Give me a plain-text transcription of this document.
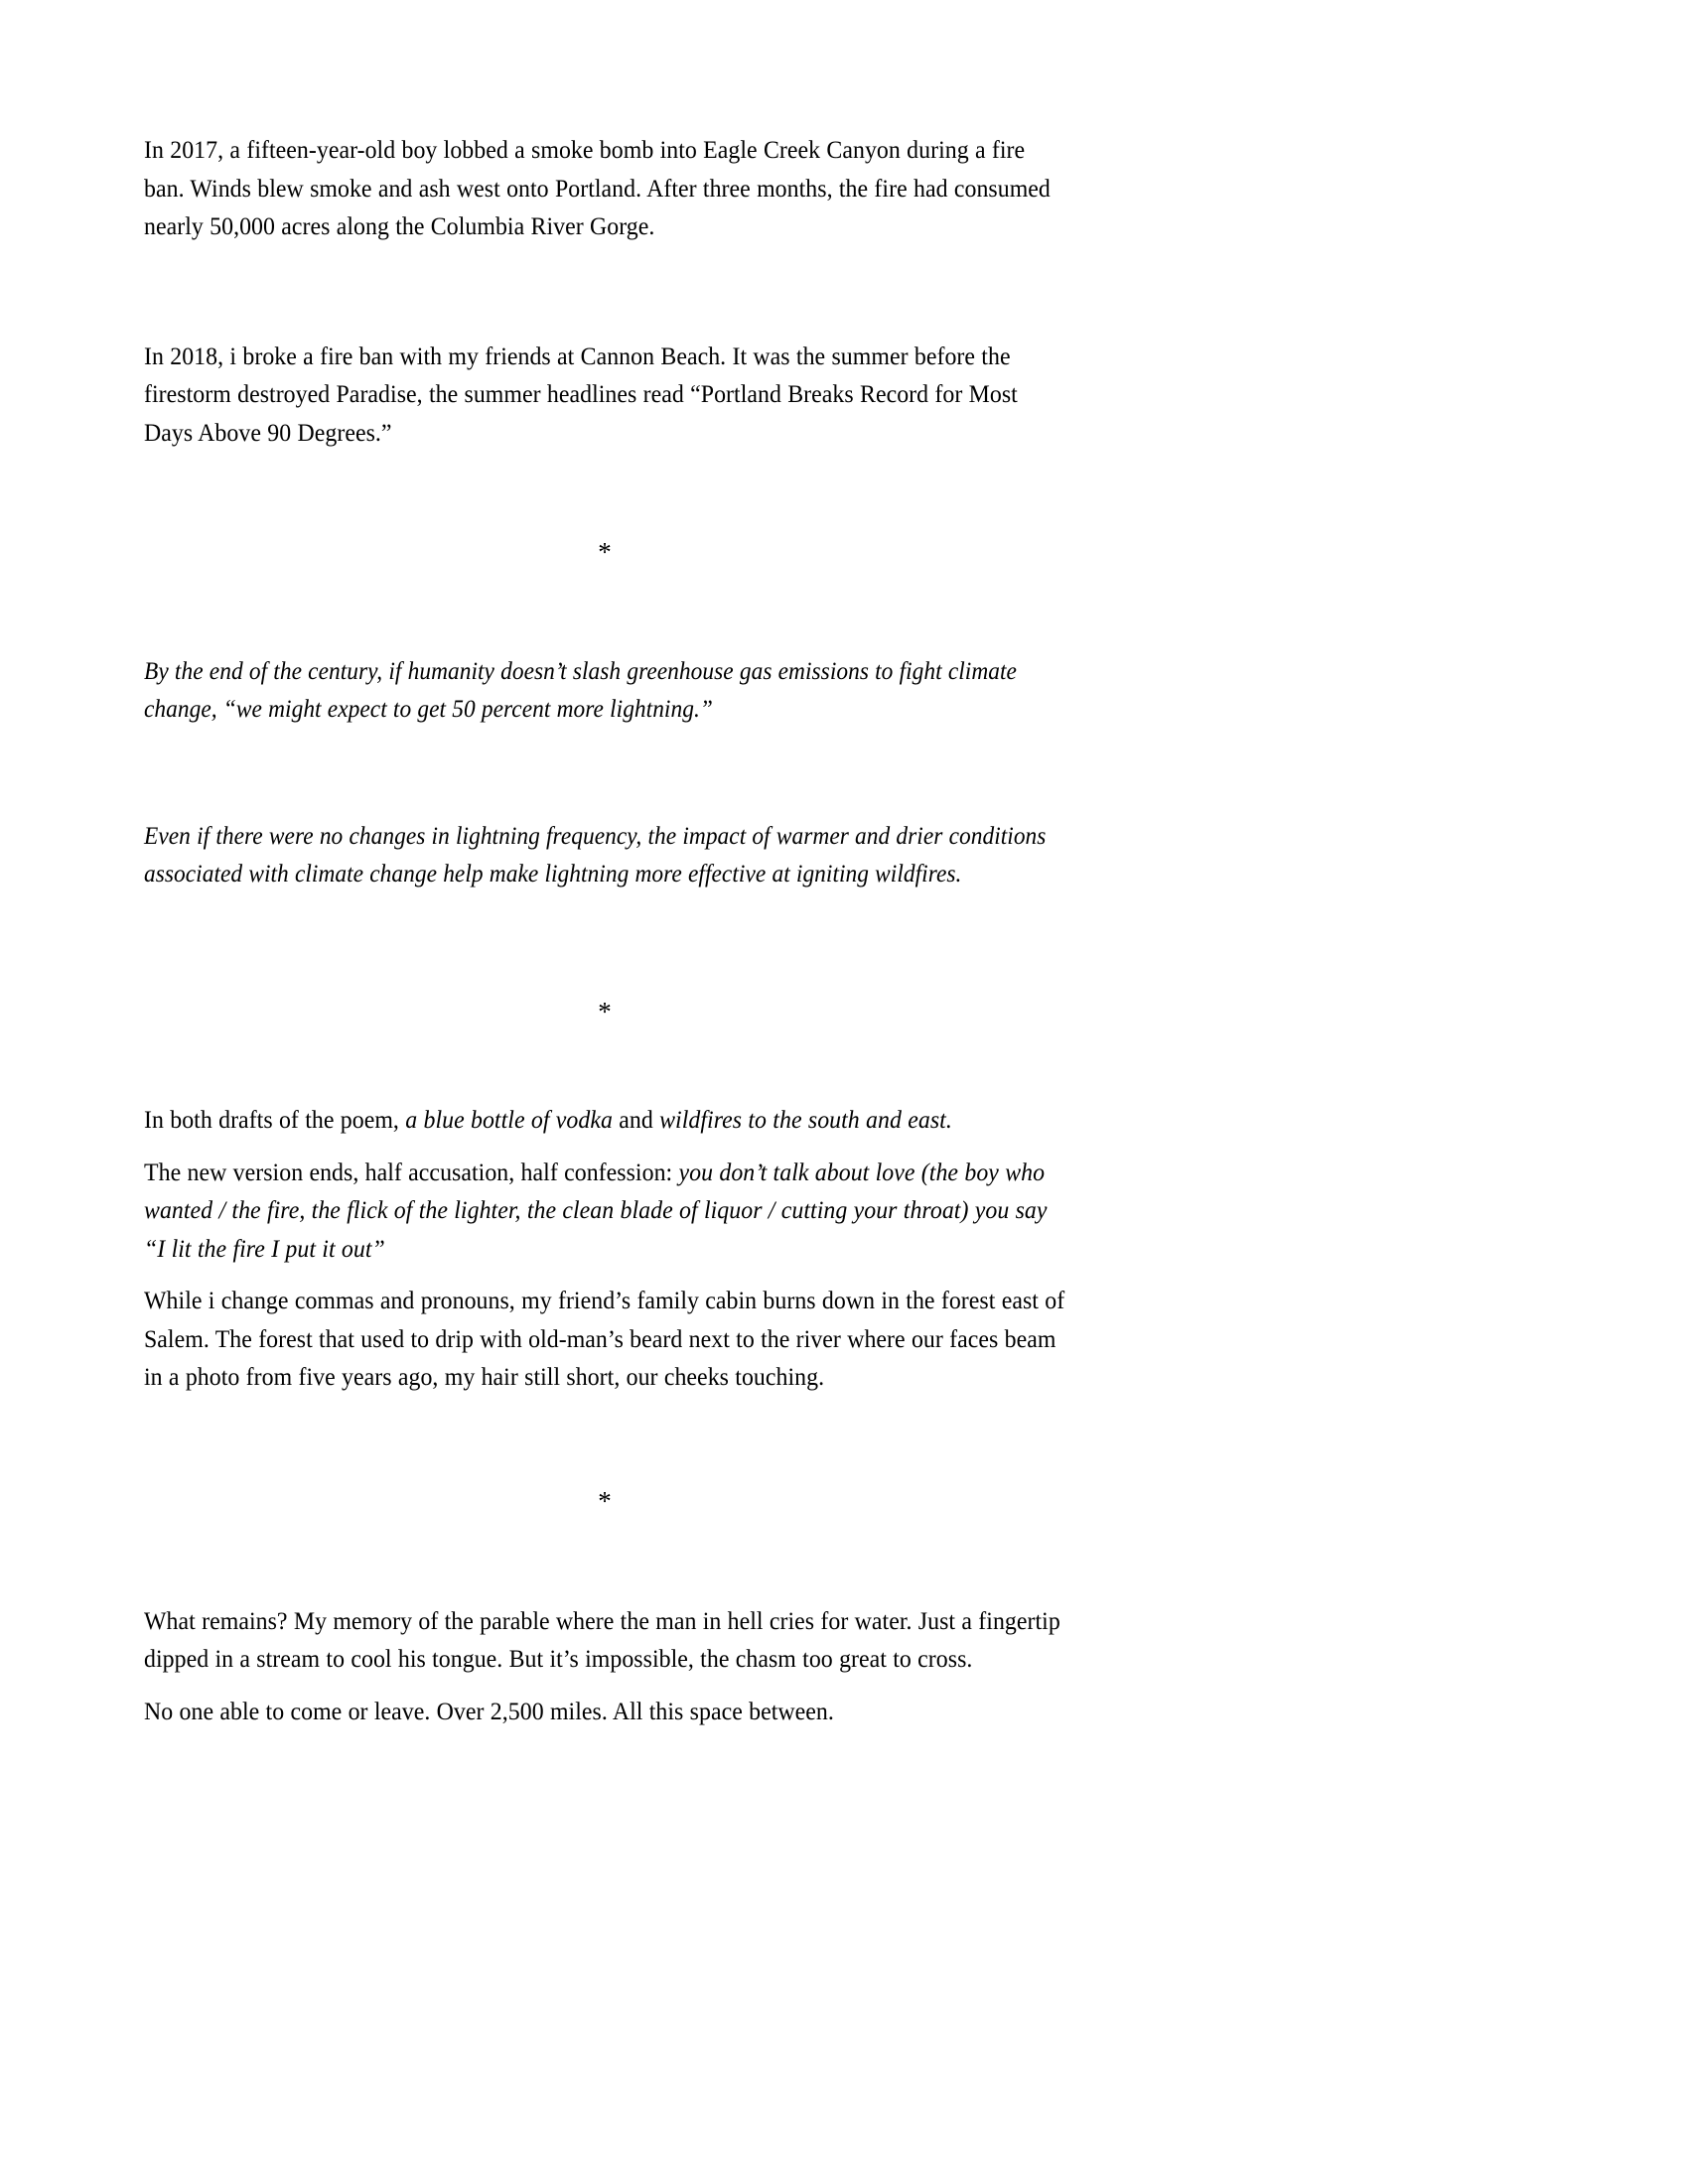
In 2017, a fifteen-year-old boy lobbed a smoke bomb into Eagle Creek Canyon during a fire ban. Winds blew smoke and ash west onto Portland. After three months, the fire had consumed nearly 50,000 acres along the Columbia River Gorge.

In 2018, i broke a fire ban with my friends at Cannon Beach. It was the summer before the firestorm destroyed Paradise, the summer headlines read “Portland Breaks Record for Most Days Above 90 Degrees.”

*

By the end of the century, if humanity doesn’t slash greenhouse gas emissions to fight climate change, “we might expect to get 50 percent more lightning.”

Even if there were no changes in lightning frequency, the impact of warmer and drier conditions associated with climate change help make lightning more effective at igniting wildfires.

*

In both drafts of the poem, a blue bottle of vodka and wildfires to the south and east.

The new version ends, half accusation, half confession: you don’t talk about love (the boy who wanted / the fire, the flick of the lighter, the clean blade of liquor / cutting your throat) you say “I lit the fire I put it out”

While i change commas and pronouns, my friend’s family cabin burns down in the forest east of Salem. The forest that used to drip with old-man’s beard next to the river where our faces beam in a photo from five years ago, my hair still short, our cheeks touching.

*

What remains? My memory of the parable where the man in hell cries for water. Just a fingertip dipped in a stream to cool his tongue. But it’s impossible, the chasm too great to cross.

No one able to come or leave. Over 2,500 miles. All this space between.
